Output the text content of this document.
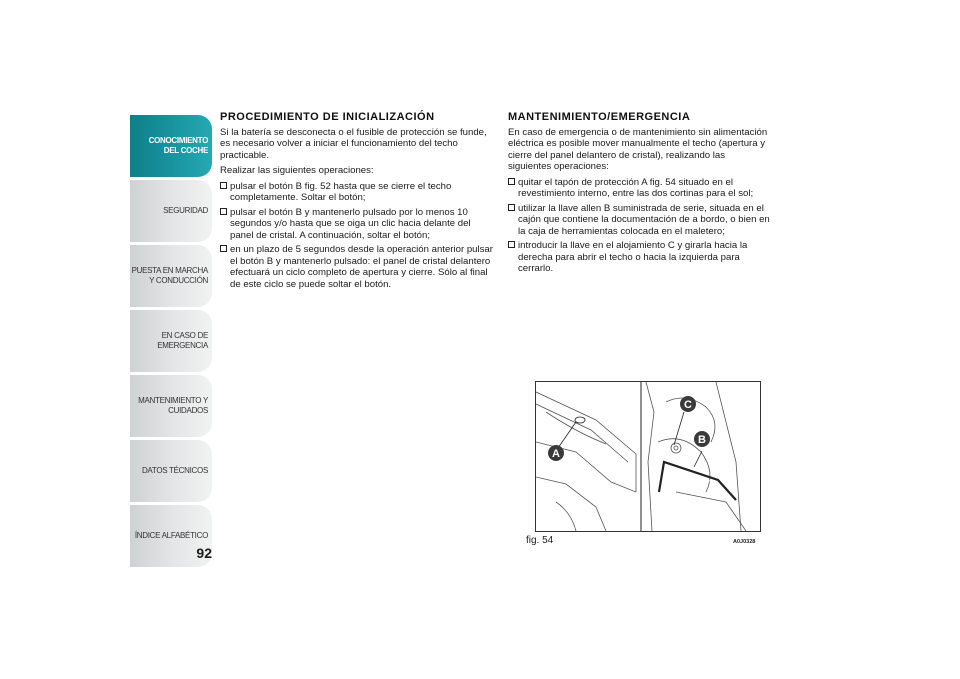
CONOCIMIENTO
DEL COCHE
SEGURIDAD
PUESTA EN MARCHA
Y CONDUCCIÓN
EN CASO DE
EMERGENCIA
MANTENIMIENTO Y
CUIDADOS
DATOS TÉCNICOS
ÍNDICE ALFABÉTICO
92
PROCEDIMIENTO DE INICIALIZACIÓN

Si la batería se desconecta o el fusible de protección se funde, es necesario volver a iniciar el funcionamiento del techo practicable.

Realizar las siguientes operaciones:

pulsar el botón B fig. 52 hasta que se cierre el techo completamente. Soltar el botón;
pulsar el botón B y mantenerlo pulsado por lo menos 10 segundos y/o hasta que se oiga un clic hacia delante del panel de cristal. A continuación, soltar el botón;
en un plazo de 5 segundos desde la operación anterior pulsar el botón B y mantenerlo pulsado: el panel de cristal delantero efectuará un ciclo completo de apertura y cierre. Sólo al final de este ciclo se puede soltar el botón.
MANTENIMIENTO/EMERGENCIA

En caso de emergencia o de mantenimiento sin alimentación eléctrica es posible mover manualmente el techo (apertura y cierre del panel delantero de cristal), realizando las siguientes operaciones:

quitar el tapón de protección A fig. 54 situado en el revestimiento interno, entre las dos cortinas para el sol;
utilizar la llave allen B suministrada de serie, situada en el cajón que contiene la documentación de a bordo, o bien en la caja de herramientas colocada en el maletero;
introducir la llave en el alojamiento C y girarla hacia la derecha para abrir el techo o hacia la izquierda para cerrarlo.
A
C
B
fig. 54	A0J0328
